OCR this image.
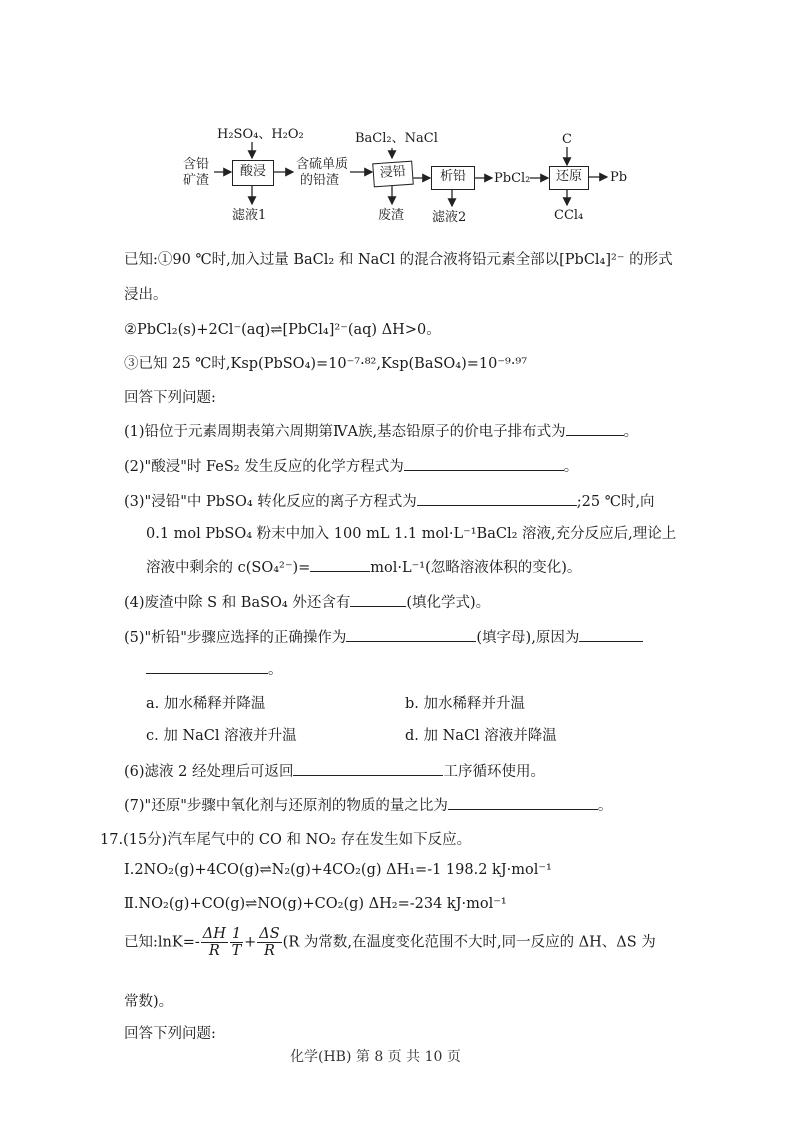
H₂SO₄、H₂O₂	BaCl₂、NaCl	C
含铅
矿渣
酸浸	含硫单质
的铅渣	浸铅	析铅	PbCl₂	还原	Pb
滤液1	废渣 滤液2	CCl₄
已知:①90 ℃时,加入过量 BaCl₂ 和 NaCl 的混合液将铅元素全部以[PbCl₄]²⁻ 的形式
浸出。
②PbCl₂(s)+2Cl⁻(aq)⇌[PbCl₄]²⁻(aq) ΔH>0。
③已知 25 ℃时,Ksp(PbSO₄)=10⁻⁷·⁸²,Ksp(BaSO₄)=10⁻⁹·⁹⁷
回答下列问题:
(1)铅位于元素周期表第六周期第ⅣA族,基态铅原子的价电子排布式为	。
(2)"酸浸"时 FeS₂ 发生反应的化学方程式为	。
(3)"浸铅"中 PbSO₄ 转化反应的离子方程式为	;25 ℃时,向
0.1 mol PbSO₄ 粉末中加入 100 mL 1.1 mol·L⁻¹BaCl₂ 溶液,充分反应后,理论上
溶液中剩余的 c(SO₄²⁻)=	mol·L⁻¹(忽略溶液体积的变化)。
(4)废渣中除 S 和 BaSO₄ 外还含有	(填化学式)。
(5)"析铅"步骤应选择的正确操作为	(填字母),原因为
。
a. 加水稀释并降温	b. 加水稀释并升温
c. 加 NaCl 溶液并升温	d. 加 NaCl 溶液并降温
(6)滤液 2 经处理后可返回	工序循环使用。
(7)"还原"步骤中氧化剂与还原剂的物质的量之比为	。
17.(15分)汽车尾气中的 CO 和 NO₂ 存在发生如下反应。
Ⅰ.2NO₂(g)+4CO(g)⇌N₂(g)+4CO₂(g) ΔH₁=-1 198.2 kJ·mol⁻¹
Ⅱ.NO₂(g)+CO(g)⇌NO(g)+CO₂(g) ΔH₂=-234 kJ·mol⁻¹
已知:lnK=- $\frac{\Delta H}{R} \frac{1}{T} + \frac{\Delta S}{R} (R$ 为常数,在温度变化范围不大时,同一反应的 ΔH、ΔS 为
常数)。
回答下列问题:
化学(HB) 第 8 页 共 10 页
